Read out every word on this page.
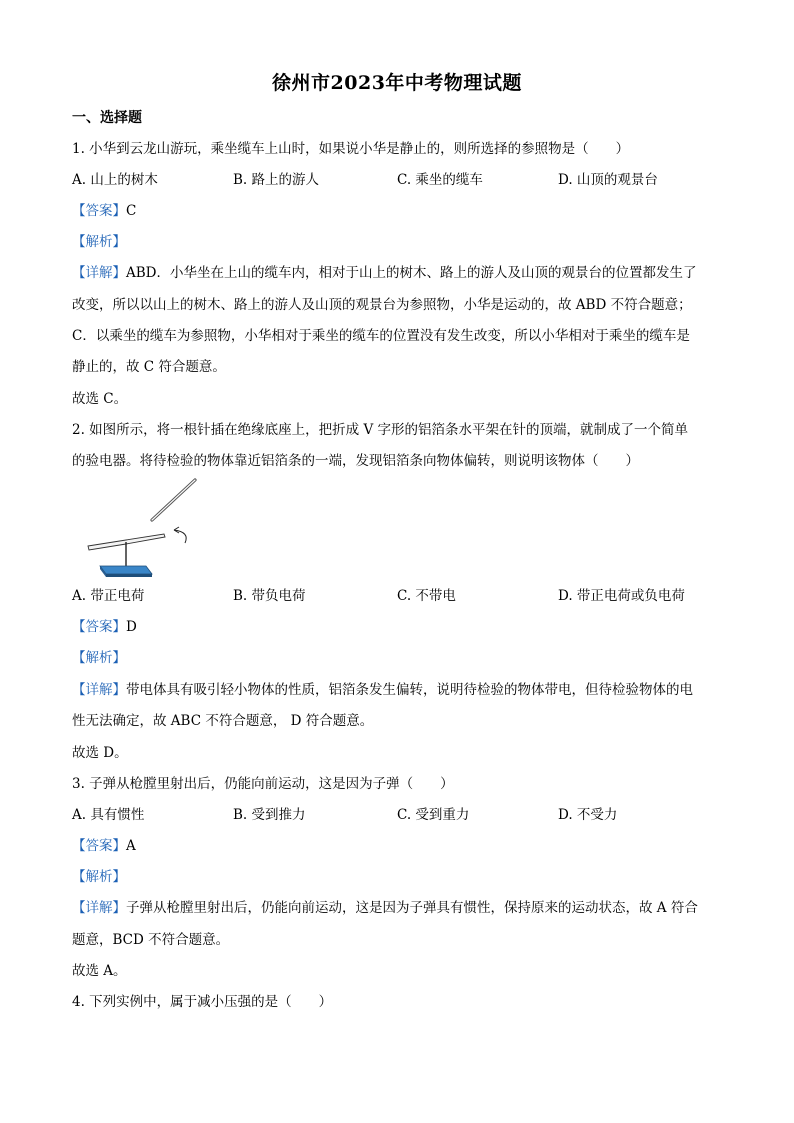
徐州市2023年中考物理试题
一、选择题
1. 小华到云龙山游玩，乘坐缆车上山时，如果说小华是静止的，则所选择的参照物是（　　）
A. 山上的树木	B. 路上的游人	C. 乘坐的缆车	D. 山顶的观景台
【答案】C
【解析】
【详解】ABD．小华坐在上山的缆车内，相对于山上的树木、路上的游人及山顶的观景台的位置都发生了
改变，所以以山上的树木、路上的游人及山顶的观景台为参照物，小华是运动的，故 ABD 不符合题意；
C．以乘坐的缆车为参照物，小华相对于乘坐的缆车的位置没有发生改变，所以小华相对于乘坐的缆车是
静止的，故 C 符合题意。
故选 C。
2. 如图所示，将一根针插在绝缘底座上，把折成 V 字形的铝箔条水平架在针的顶端，就制成了一个简单
的验电器。将待检验的物体靠近铝箔条的一端，发现铝箔条向物体偏转，则说明该物体（　　）
A. 带正电荷	B. 带负电荷	C. 不带电	D. 带正电荷或负电荷
【答案】D
【解析】
【详解】带电体具有吸引轻小物体的性质，铝箔条发生偏转，说明待检验的物体带电，但待检验物体的电
性无法确定，故 ABC 不符合题意， D 符合题意。
故选 D。
3. 子弹从枪膛里射出后，仍能向前运动，这是因为子弹（　　）
A. 具有惯性	B. 受到推力	C. 受到重力	D. 不受力
【答案】A
【解析】
【详解】子弹从枪膛里射出后，仍能向前运动，这是因为子弹具有惯性，保持原来的运动状态，故 A 符合
题意，BCD 不符合题意。
故选 A。
4. 下列实例中，属于减小压强的是（　　）
